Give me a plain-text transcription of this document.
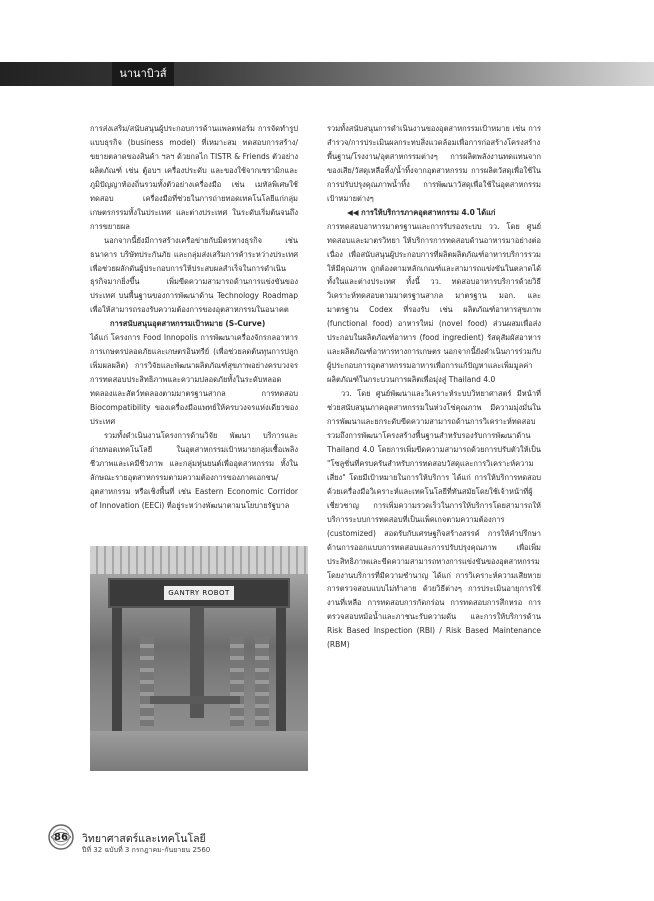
นานาบิวส์

การส่งเสริม/สนับสนุนผู้ประกอบการด้านแพลตฟอร์ม การจัดทำรูปแบบธุรกิจ (business model) ที่เหมาะสม ทดสอบการสร้าง/ขยายตลาดของสินค้า ฯลฯ ด้วยกลไก TISTR & Friends ตัวอย่างผลิตภัณฑ์ เช่น ตู้อบฯ เครื่องประดับ และของใช้จากเซรามิกและภูมิปัญญาท้องถิ่นรวมทั้งตัวอย่างเครื่องมือ เช่น เมทัลพิเศษใช้ทดสอบ เครื่องมือที่ช่วยในการถ่ายทอดเทคโนโลยีแก่กลุ่มเกษตรกรรมทั้งในประเทศ และต่างประเทศ ในระดับเริ่มต้นจนถึงการขยายผล

นอกจากนี้ยังมีการสร้างเครือข่ายกับมิตรทางธุรกิจ เช่น ธนาคาร บริษัทประกันภัย และกลุ่มส่งเสริมการค้าระหว่างประเทศ เพื่อช่วยผลักดันผู้ประกอบการให้ประสบผลสำเร็จในการดำเนินธุรกิจมากยิ่งขึ้น เพิ่มขีดความสามารถด้านการแข่งขันของประเทศ บนพื้นฐานของการพัฒนาด้าน Technology Roadmap เพื่อให้สามารถรองรับความต้องการของอุตสาหกรรมในอนาคต

การสนับสนุนอุตสาหกรรมเป้าหมาย (S-Curve)

ได้แก่ โครงการ Food Innopolis การพัฒนาเครื่องจักรกลอาหาร การเกษตรปลอดภัยและเกษตรอินทรีย์ (เพื่อช่วยลดต้นทุนการปลูก เพิ่มผลผลิต) การวิจัยและพัฒนาผลิตภัณฑ์สุขภาพอย่างครบวงจร การทดสอบประสิทธิภาพและความปลอดภัยทั้งในระดับหลอดทดลองและสัตว์ทดลองตามมาตรฐานสากล การทดสอบ Biocompatibility ของเครื่องมือแพทย์ให้ครบวงจรแห่งเดียวของประเทศ

รวมทั้งดำเนินงานโครงการด้านวิจัย พัฒนา บริการและถ่ายทอดเทคโนโลยี ในอุตสาหกรรมเป้าหมายกลุ่มเชื้อเพลิงชีวภาพและเคมีชีวภาพ และกลุ่มหุ่นยนต์เพื่ออุตสาหกรรม ทั้งในลักษณะรายอุตสาหกรรมตามความต้องการของภาคเอกชน/อุตสาหกรรม หรือเชิงพื้นที่ เช่น Eastern Economic Corridor of Innovation (EECi) ที่อยู่ระหว่างพัฒนาตามนโยบายรัฐบาล

รวมทั้งสนับสนุนการดำเนินงานของอุตสาหกรรมเป้าหมาย เช่น การสำรวจ/การประเมินผลกระทบสิ่งแวดล้อมเพื่อการก่อสร้างโครงสร้างพื้นฐาน/โรงงาน/อุตสาหกรรมต่างๆ การผลิตพลังงานทดแทนจากของเสีย/วัสดุเหลือทิ้ง/น้ำทิ้งจากอุตสาหกรรม การผลิตวัสดุเพื่อใช้ในการปรับปรุงคุณภาพน้ำทิ้ง การพัฒนาวัสดุเพื่อใช้ในอุตสาหกรรมเป้าหมายต่างๆ

◀◀ การให้บริการภาคอุตสาหกรรม 4.0 ได้แก่

การทดสอบอาหารมาตรฐานและการรับรองระบบ วว. โดย ศูนย์ทดสอบและมาตรวิทยา ให้บริการการทดสอบด้านอาหารมาอย่างต่อเนื่อง เพื่อสนับสนุนผู้ประกอบการที่ผลิตผลิตภัณฑ์อาหารบริการรวม ให้มีคุณภาพ ถูกต้องตามหลักเกณฑ์และสามารถแข่งขันในตลาดได้ทั้งในและต่างประเทศ ทั้งนี้ วว. ทดสอบอาหารบริการด้วยวิธีวิเคราะห์ทดสอบตามมาตรฐานสากล มาตรฐาน มอก. และมาตรฐาน Codex ที่รองรับ เช่น ผลิตภัณฑ์อาหารสุขภาพ (functional food) อาหารใหม่ (novel food) ส่วนผสมเพื่อส่งประกอบในผลิตภัณฑ์อาหาร (food ingredient) รัสดุสัมผัสอาหาร และผลิตภัณฑ์อาหารทางการเกษตร นอกจากนี้ยังดำเนินการร่วมกับผู้ประกอบการอุตสาหกรรมอาหารเพื่อการแก้ปัญหาและเพิ่มมูลค่าผลิตภัณฑ์ในกระบวนการผลิตเพื่อมุ่งสู่ Thailand 4.0

วว. โดย ศูนย์พัฒนาและวิเคราะห์ระบบวิทยาศาสตร์ มีหน้าที่ช่วยสนับสนุนภาคอุตสาหกรรมในห่วงโซ่คุณภาพ มีความมุ่งมั่นในการพัฒนาและยกระดับขีดความสามารถด้านการวิเคราะห์ทดสอบ รวมถึงการพัฒนาโครงสร้างพื้นฐานสำหรับรองรับการพัฒนาด้าน Thailand 4.0 โดยการเพิ่มขีดความสามารถด้วยการปรับตัวให้เป็น "โซลูชั่นที่ครบครันสำหรับการทดสอบวัสดุและการวิเคราะห์ความเสี่ยง" โดยมีเป้าหมายในการให้บริการ ได้แก่ การให้บริการทดสอบด้วยเครื่องมือวิเคราะห์และเทคโนโลยีที่ทันสมัยโดยใช้เจ้าหน้าที่ผู้เชี่ยวชาญ การเพิ่มความรวดเร็วในการให้บริการโดยสามารถให้บริการระบบการทดสอบที่เป็นแพ็คเกจตามความต้องการ (customized) สอดรับกับเศรษฐกิจสร้างสรรค์ การให้คำปรึกษาด้านการออกแบบการทดสอบและการปรับปรุงคุณภาพ เพื่อเพิ่มประสิทธิภาพและขีดความสามารถทางการแข่งขันของอุตสาหกรรม โดยงานบริการที่มีความชำนาญ ได้แก่ การวิเคราะห์ความเสียหายการตรวจสอบแบบไม่ทำลาย ด้วยวิธีต่างๆ การประเมินอายุการใช้งานที่เหลือ การทดสอบการกัดกร่อน การทดสอบการสึกหรอ การตรวจสอบหม้อน้ำและภาชนะรับความดัน และการให้บริการด้าน Risk Based Inspection (RBI) / Risk Based Maintenance (RBM)

GANTRY ROBOT
86 วิทยาศาสตร์และเทคโนโลยี
ปีที่ 32 ฉบับที่ 3 กรกฎาคม-กันยายน 2560
